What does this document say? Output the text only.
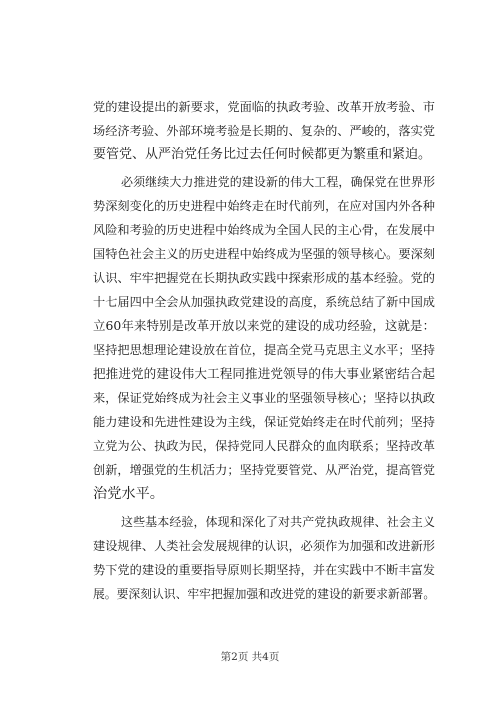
党的建设提出的新要求，党面临的执政考验、改革开放考验、市
场经济考验、外部环境考验是长期的、复杂的、严峻的，落实党
要管党、从严治党任务比过去任何时候都更为繁重和紧迫。
必须继续大力推进党的建设新的伟大工程，确保党在世界形
势深刻变化的历史进程中始终走在时代前列，在应对国内外各种
风险和考验的历史进程中始终成为全国人民的主心骨，在发展中
国特色社会主义的历史进程中始终成为坚强的领导核心。要深刻
认识、牢牢把握党在长期执政实践中探索形成的基本经验。党的
十七届四中全会从加强执政党建设的高度，系统总结了新中国成
立60年来特别是改革开放以来党的建设的成功经验，这就是：
坚持把思想理论建设放在首位，提高全党马克思主义水平；坚持
把推进党的建设伟大工程同推进党领导的伟大事业紧密结合起
来，保证党始终成为社会主义事业的坚强领导核心；坚持以执政
能力建设和先进性建设为主线，保证党始终走在时代前列；坚持
立党为公、执政为民，保持党同人民群众的血肉联系；坚持改革
创新，增强党的生机活力；坚持党要管党、从严治党，提高管党
治党水平。
这些基本经验，体现和深化了对共产党执政规律、社会主义
建设规律、人类社会发展规律的认识，必须作为加强和改进新形
势下党的建设的重要指导原则长期坚持，并在实践中不断丰富发
展。要深刻认识、牢牢把握加强和改进党的建设的新要求新部署。
第2页 共4页
